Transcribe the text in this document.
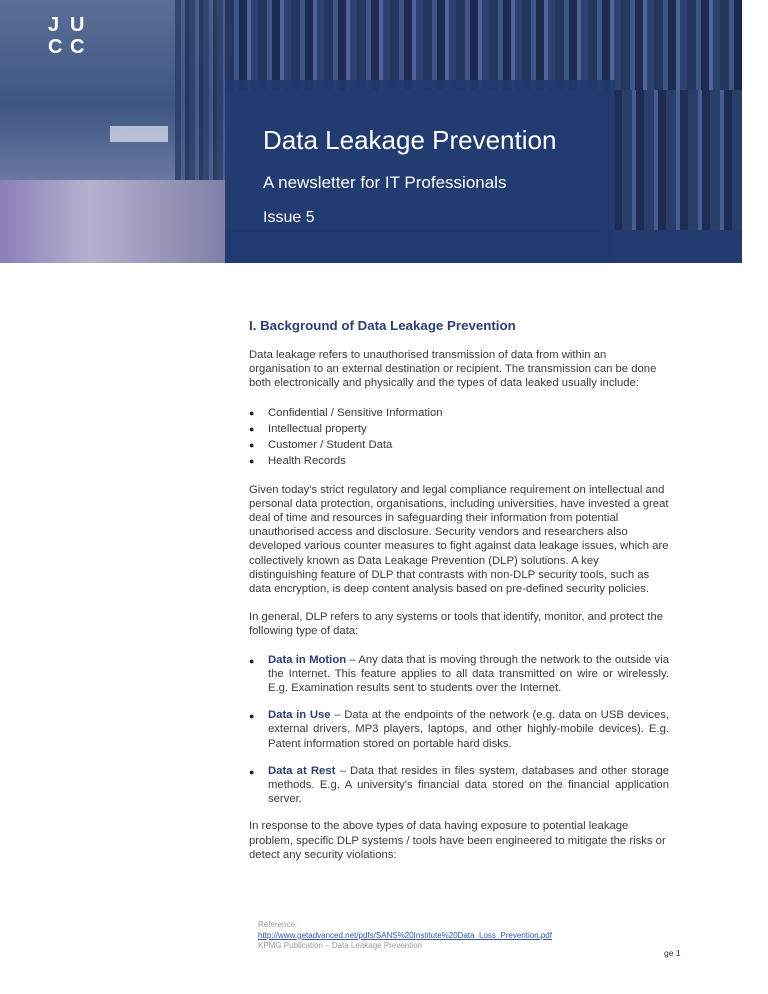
J U
C C
Data Leakage Prevention
A newsletter for IT Professionals
Issue 5
I. Background of Data Leakage Prevention

Data leakage refers to unauthorised transmission of data from within an organisation to an external destination or recipient. The transmission can be done both electronically and physically and the types of data leaked usually include:

● Confidential / Sensitive Information
● Intellectual property
● Customer / Student Data
● Health Records

Given today's strict regulatory and legal compliance requirement on intellectual and personal data protection, organisations, including universities, have invested a great deal of time and resources in safeguarding their information from potential unauthorised access and disclosure. Security vendors and researchers also developed various counter measures to fight against data leakage issues, which are collectively known as Data Leakage Prevention (DLP) solutions. A key distinguishing feature of DLP that contrasts with non-DLP security tools, such as data encryption, is deep content analysis based on pre-defined security policies.

In general, DLP refers to any systems or tools that identify, monitor, and protect the following type of data:

● Data in Motion – Any data that is moving through the network to the outside via the Internet. This feature applies to all data transmitted on wire or wirelessly. E.g. Examination results sent to students over the Internet.
● Data in Use – Data at the endpoints of the network (e.g. data on USB devices, external drivers, MP3 players, laptops, and other highly-mobile devices). E.g. Patent information stored on portable hard disks.
● Data at Rest – Data that resides in files system, databases and other storage methods. E.g. A university's financial data stored on the financial application server.

In response to the above types of data having exposure to potential leakage problem, specific DLP systems / tools have been engineered to mitigate the risks or detect any security violations:

Reference:
http://www.getadvanced.net/pdfs/SANS%20Institute%20Data_Loss_Prevention.pdf
KPMG Publication – Data Leakage Prevention
ge 1
